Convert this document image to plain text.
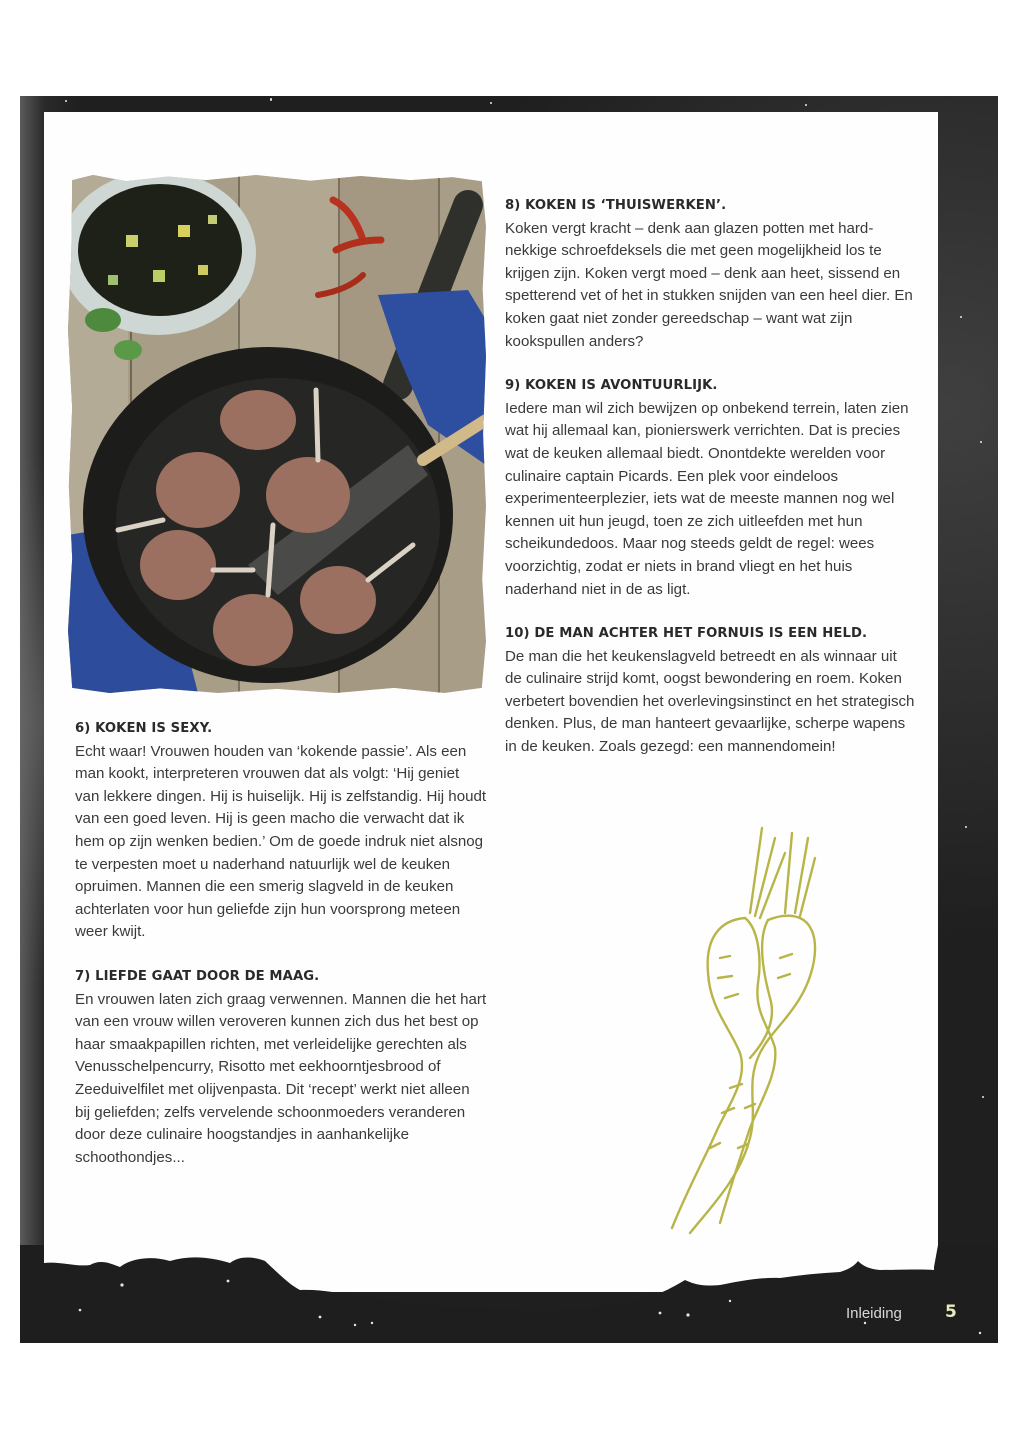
6) KOKEN IS SEXY.

Echt waar! Vrouwen houden van ‘kokende passie’. Als een man kookt, interpreteren vrouwen dat als volgt: ‘Hij geniet van lekkere dingen. Hij is huiselijk. Hij is zelfstandig. Hij houdt van een goed leven. Hij is geen macho die verwacht dat ik hem op zijn wenken bedien.’ Om de goede indruk niet alsnog te verpesten moet u naderhand natuurlijk wel de keuken opruimen. Mannen die een smerig slagveld in de keuken achterlaten voor hun geliefde zijn hun voorsprong meteen weer kwijt.

7) LIEFDE GAAT DOOR DE MAAG.

En vrouwen laten zich graag verwennen. Mannen die het hart van een vrouw willen veroveren kunnen zich dus het best op haar smaakpapillen richten, met verleidelijke gerechten als Venusschelpencurry, Risotto met eekhoorntjesbrood of Zeeduivelfilet met olijvenpasta. Dit ‘recept’ werkt niet alleen bij geliefden; zelfs vervelende schoonmoeders veranderen door deze culinaire hoogstandjes in aanhankelijke schoothondjes...

8) KOKEN IS ‘THUISWERKEN’.

Koken vergt kracht – denk aan glazen potten met hardnekkige schroefdeksels die met geen mogelijkheid los te krijgen zijn. Koken vergt moed – denk aan heet, sissend en spetterend vet of het in stukken snijden van een heel dier. En koken gaat niet zonder gereedschap – want wat zijn kookspullen anders?

9) KOKEN IS AVONTUURLIJK.

Iedere man wil zich bewijzen op onbekend terrein, laten zien wat hij allemaal kan, pionierswerk verrichten. Dat is precies wat de keuken allemaal biedt. Onontdekte werelden voor culinaire captain Picards. Een plek voor eindeloos experimenteerplezier, iets wat de meeste mannen nog wel kennen uit hun jeugd, toen ze zich uitleefden met hun scheikundedoos. Maar nog steeds geldt de regel: wees voorzichtig, zodat er niets in brand vliegt en het huis naderhand niet in de as ligt.

10) DE MAN ACHTER HET FORNUIS IS EEN HELD.

De man die het keukenslagveld betreedt en als winnaar uit de culinaire strijd komt, oogst bewondering en roem. Koken verbetert bovendien het overlevingsinstinct en het strategisch denken. Plus, de man hanteert gevaarlijke, scherpe wapens in de keuken. Zoals gezegd: een mannendomein!

Inleiding	5
